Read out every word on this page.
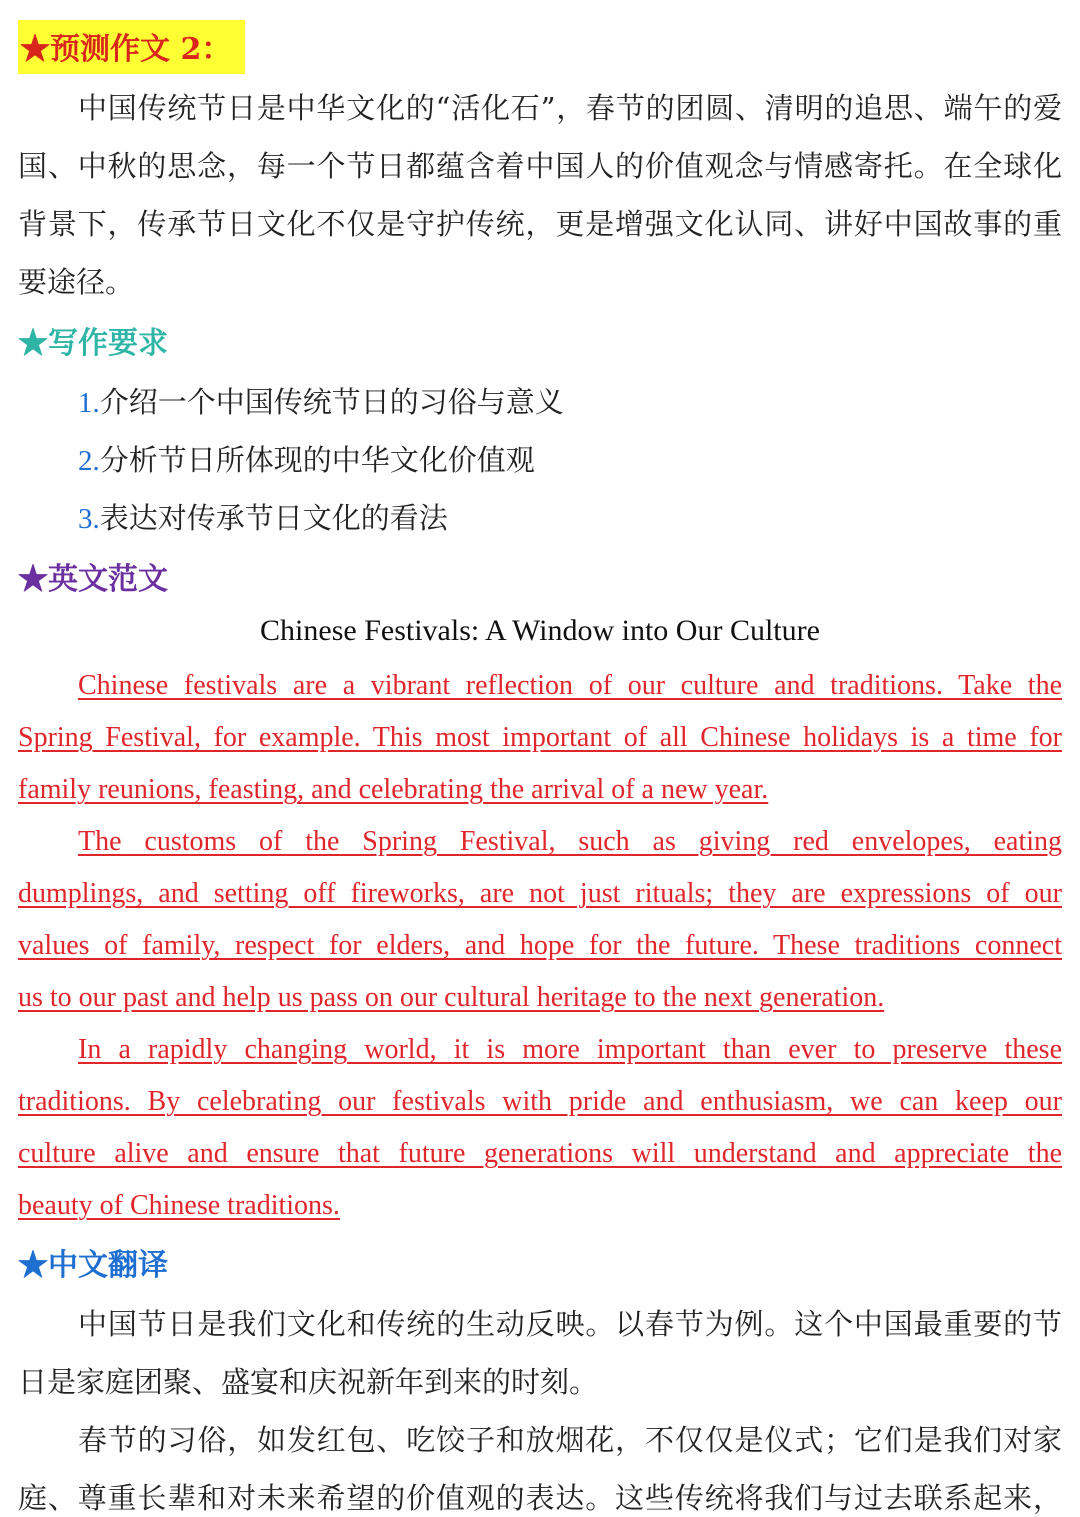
★预测作文 2：
中国传统节日是中华文化的“活化石”，春节的团圆、清明的追思、端午的爱
国、中秋的思念，每一个节日都蕴含着中国人的价值观念与情感寄托。在全球化
背景下，传承节日文化不仅是守护传统，更是增强文化认同、讲好中国故事的重
要途径。
★写作要求
1.介绍一个中国传统节日的习俗与意义
2.分析节日所体现的中华文化价值观
3.表达对传承节日文化的看法
★英文范文
Chinese Festivals: A Window into Our Culture
Chinese festivals are a vibrant reflection of our culture and traditions. Take the
Spring Festival, for example. This most important of all Chinese holidays is a time for
family reunions, feasting, and celebrating the arrival of a new year.
The customs of the Spring Festival, such as giving red envelopes, eating
dumplings, and setting off fireworks, are not just rituals; they are expressions of our
values of family, respect for elders, and hope for the future. These traditions connect
us to our past and help us pass on our cultural heritage to the next generation.
In a rapidly changing world, it is more important than ever to preserve these
traditions. By celebrating our festivals with pride and enthusiasm, we can keep our
culture alive and ensure that future generations will understand and appreciate the
beauty of Chinese traditions.
★中文翻译
中国节日是我们文化和传统的生动反映。以春节为例。这个中国最重要的节
日是家庭团聚、盛宴和庆祝新年到来的时刻。
春节的习俗，如发红包、吃饺子和放烟花，不仅仅是仪式；它们是我们对家
庭、尊重长辈和对未来希望的价值观的表达。这些传统将我们与过去联系起来，
